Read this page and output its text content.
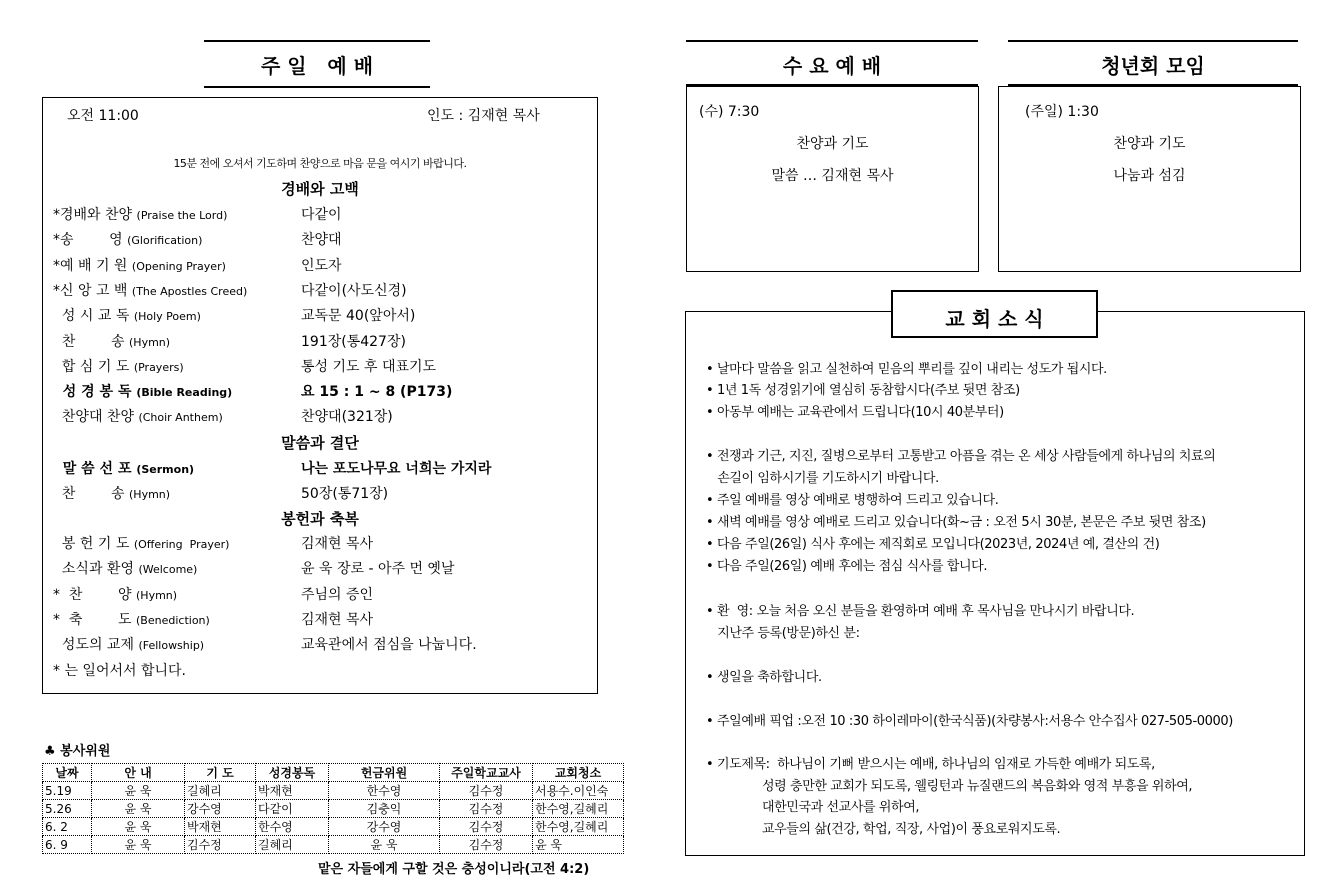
주 일   예 배
오전 11:00	인도 : 김재현 목사
15분 전에 오셔서 기도하며 찬양으로 마음 문을 여시기 바랍니다.
경배와 고백
*경배와 찬양 (Praise the Lord)	다같이
*송        영 (Glorification)	찬양대
*예 배 기 원 (Opening Prayer)	인도자
*신 앙 고 백 (The Apostles Creed)	다같이(사도신경)
성 시 교 독 (Holy Poem)	교독문 40(앞아서)
찬        송 (Hymn)	191장(통427장)
합 심 기 도 (Prayers)	통성 기도 후 대표기도
성 경 봉 독 (Bible Reading)	요 15 : 1 ~ 8 (P173)
찬양대 찬양 (Choir Anthem)	찬양대(321장)
말씀과 결단
말 씀 선 포 (Sermon)	나는 포도나무요 너희는 가지라
찬        송 (Hymn)	50장(통71장)
봉헌과 축복
봉 헌 기 도 (Offering  Prayer)	김재현 목사
소식과 환영 (Welcome)	윤 욱 장로 - 아주 먼 옛날
*  찬        양 (Hymn)	주님의 증인
*  축        도 (Benediction)	김재현 목사
성도의 교제 (Fellowship)	교육관에서 점심을 나눕니다.
* 는 일어서서 합니다.
♣ 봉사위원
날짜	안 내	기 도	성경봉독	헌금위원	주일학교교사	교회청소
5.19	윤 욱	길혜리	박재현	한수영	김수정	서용수.이인숙
5.26	윤 욱	강수영	다같이	김충익	김수정	한수영,길혜리
6. 2	윤 욱	박재현	한수영	강수영	김수정	한수영,길혜리
6. 9	윤 욱	김수정	길혜리	윤 욱	김수정	윤 욱
맡은 자들에게 구할 것은 충성이니라(고전 4:2)
수 요 예 배
(수) 7:30
찬양과 기도
말씀 … 김재현 목사
청년회 모임
(주일) 1:30
찬양과 기도
나눔과 섬김
• 날마다 말씀을 읽고 실천하여 믿음의 뿌리를 깊이 내리는 성도가 됩시다.
• 1년 1독 성경읽기에 열심히 동참합시다(주보 뒷면 참조)
• 아동부 예배는 교육관에서 드립니다(10시 40분부터)
• 전쟁과 기근, 지진, 질병으로부터 고통받고 아픔을 겪는 온 세상 사람들에게 하나님의 치료의
손길이 임하시기를 기도하시기 바랍니다.
• 주일 예배를 영상 예배로 병행하여 드리고 있습니다.
• 새벽 예배를 영상 예배로 드리고 있습니다(화~금 : 오전 5시 30분, 본문은 주보 뒷면 참조)
• 다음 주일(26일) 식사 후에는 제직회로 모입니다(2023년, 2024년 예, 결산의 건)
• 다음 주일(26일) 예배 후에는 점심 식사를 합니다.
• 환  영: 오늘 처음 오신 분들을 환영하며 예배 후 목사님을 만나시기 바랍니다.
지난주 등록(방문)하신 분:
• 생일을 축하합니다.
• 주일예배 픽업 :오전 10 :30 하이레마이(한국식품)(차량봉사:서용수 안수집사 027-505-0000)
• 기도제목:  하나님이 기뻐 받으시는 예배, 하나님의 임재로 가득한 예배가 되도록,
성령 충만한 교회가 되도록, 웰링턴과 뉴질랜드의 복음화와 영적 부흥을 위하여,
대한민국과 선교사를 위하여,
교우들의 삶(건강, 학업, 직장, 사업)이 풍요로워지도록.
교 회 소 식
